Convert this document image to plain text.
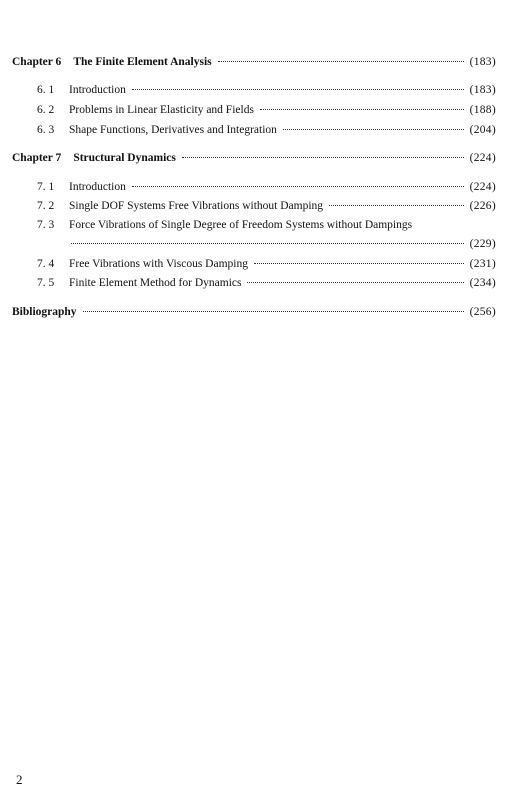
Chapter 6 The Finite Element Analysis	(183)
6. 1	Introduction	(183)
6. 2	Problems in Linear Elasticity and Fields	(188)
6. 3	Shape Functions, Derivatives and Integration	(204)
Chapter 7 Structural Dynamics	(224)
7. 1	Introduction	(224)
7. 2	Single DOF Systems Free Vibrations without Damping	(226)
7. 3	Force Vibrations of Single Degree of Freedom Systems without Dampings
(229)
7. 4	Free Vibrations with Viscous Damping	(231)
7. 5	Finite Element Method for Dynamics	(234)
Bibliography	(256)
2
